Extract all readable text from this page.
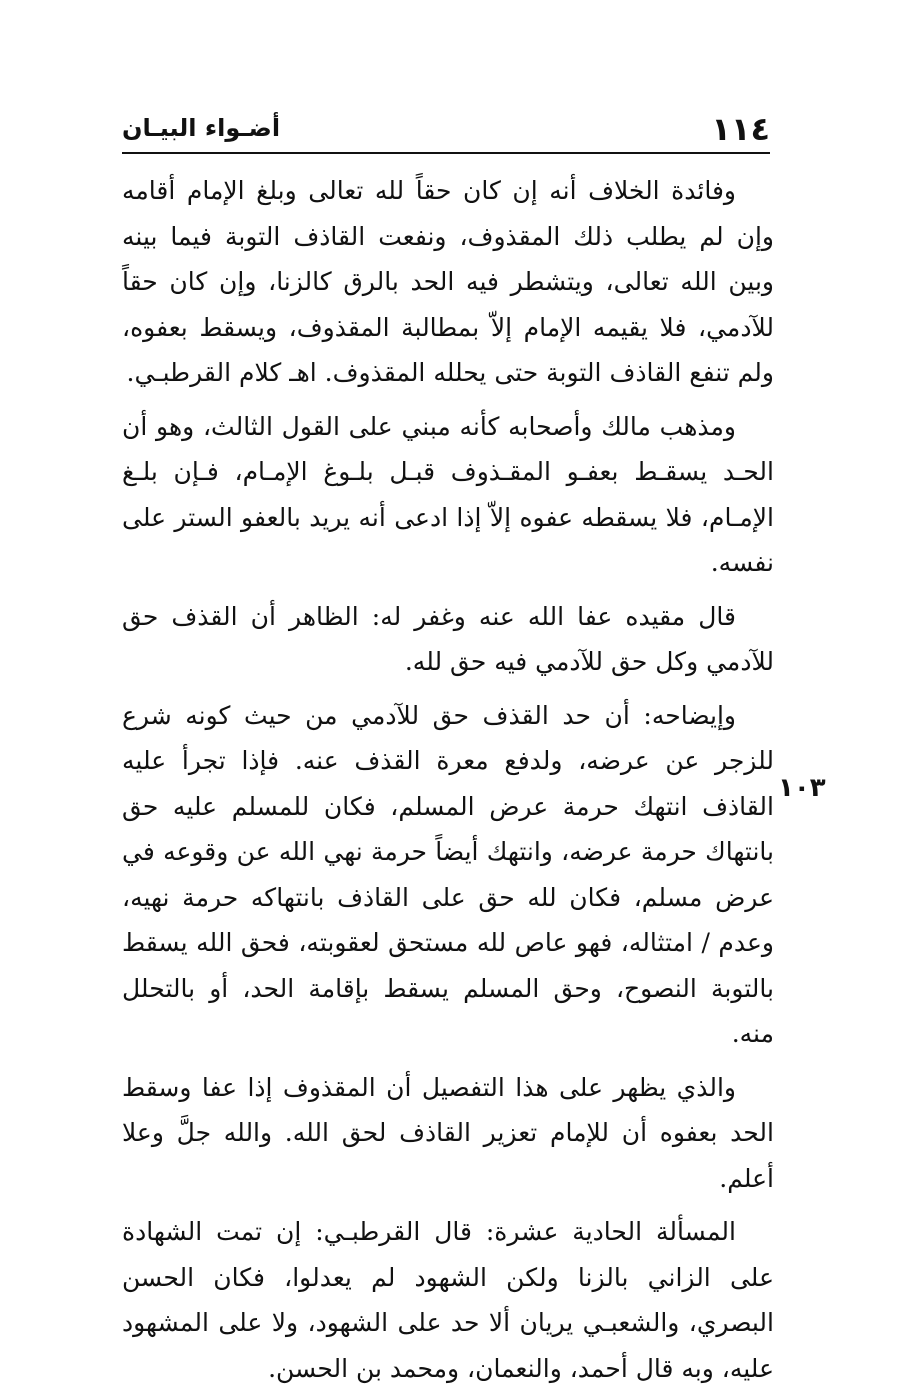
١١٤
أضـواء البيـان
١٠٣

وفائدة الخلاف أنه إن كان حقاً لله تعالى وبلغ الإمام أقامه وإن لم يطلب ذلك المقذوف، ونفعت القاذف التوبة فيما بينه وبين الله تعالى، ويتشطر فيه الحد بالرق كالزنا، وإن كان حقاً للآدمي، فلا يقيمه الإمام إلاّ بمطالبة المقذوف، ويسقط بعفوه، ولم تنفع القاذف التوبة حتى يحلله المقذوف. اهـ كلام القرطبـي.

ومذهب مالك وأصحابه كأنه مبني على القول الثالث، وهو أن الحـد يسقـط بعفـو المقـذوف قبـل بلـوغ الإمـام، فـإن بلـغ الإمـام، فلا يسقطه عفوه إلاّ إذا ادعى أنه يريد بالعفو الستر على نفسه.

قال مقيده عفا الله عنه وغفر له: الظاهر أن القذف حق للآدمي وكل حق للآدمي فيه حق لله.

وإيضاحه: أن حد القذف حق للآدمي من حيث كونه شرع للزجر عن عرضه، ولدفع معرة القذف عنه. فإذا تجرأ عليه القاذف انتهك حرمة عرض المسلم، فكان للمسلم عليه حق بانتهاك حرمة عرضه، وانتهك أيضاً حرمة نهي الله عن وقوعه في عرض مسلم، فكان لله حق على القاذف بانتهاكه حرمة نهيه، وعدم / امتثاله، فهو عاص لله مستحق لعقوبته، فحق الله يسقط بالتوبة النصوح، وحق المسلم يسقط بإقامة الحد، أو بالتحلل منه.

والذي يظهر على هذا التفصيل أن المقذوف إذا عفا وسقط الحد بعفوه أن للإمام تعزير القاذف لحق الله. والله جلَّ وعلا أعلم.

المسألة الحادية عشرة: قال القرطبـي: إن تمت الشهادة على الزاني بالزنا ولكن الشهود لم يعدلوا، فكان الحسن البصري، والشعبـي يريان ألا حد على الشهود، ولا على المشهود عليه، وبه قال أحمد، والنعمان، ومحمد بن الحسن.
